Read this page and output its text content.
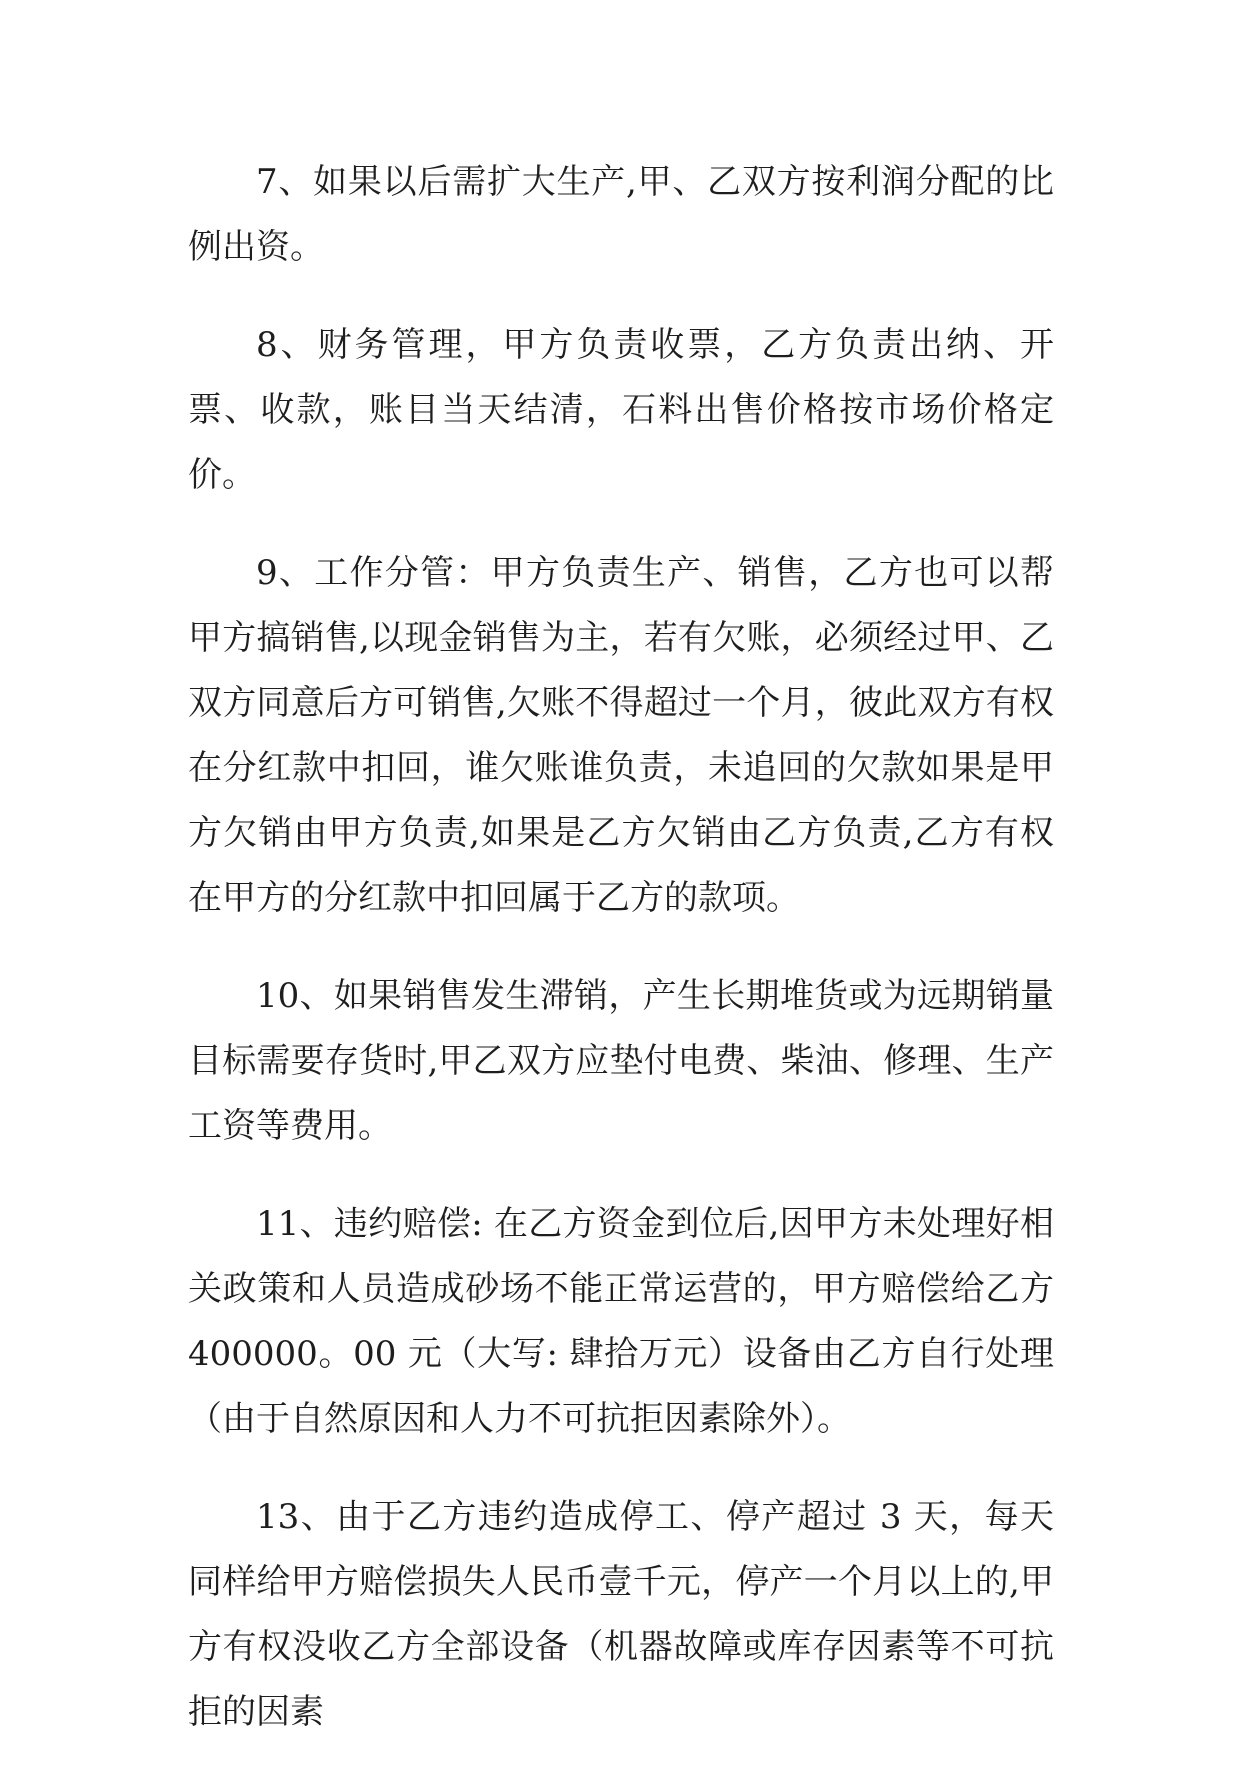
7、如果以后需扩大生产,甲、乙双方按利润分配的比例出资。

8、财务管理，甲方负责收票，乙方负责出纳、开票、收款，账目当天结清，石料出售价格按市场价格定价。

9、工作分管：甲方负责生产、销售，乙方也可以帮甲方搞销售,以现金销售为主，若有欠账，必须经过甲、乙双方同意后方可销售,欠账不得超过一个月，彼此双方有权在分红款中扣回，谁欠账谁负责，未追回的欠款如果是甲方欠销由甲方负责,如果是乙方欠销由乙方负责,乙方有权在甲方的分红款中扣回属于乙方的款项。

10、如果销售发生滞销，产生长期堆货或为远期销量目标需要存货时,甲乙双方应垫付电费、柴油、修理、生产工资等费用。

11、违约赔偿: 在乙方资金到位后,因甲方未处理好相关政策和人员造成砂场不能正常运营的，甲方赔偿给乙方400000。00 元（大写: 肆拾万元）设备由乙方自行处理（由于自然原因和人力不可抗拒因素除外）。

13、由于乙方违约造成停工、停产超过 3 天，每天同样给甲方赔偿损失人民币壹千元，停产一个月以上的,甲方有权没收乙方全部设备（机器故障或库存因素等不可抗拒的因素
